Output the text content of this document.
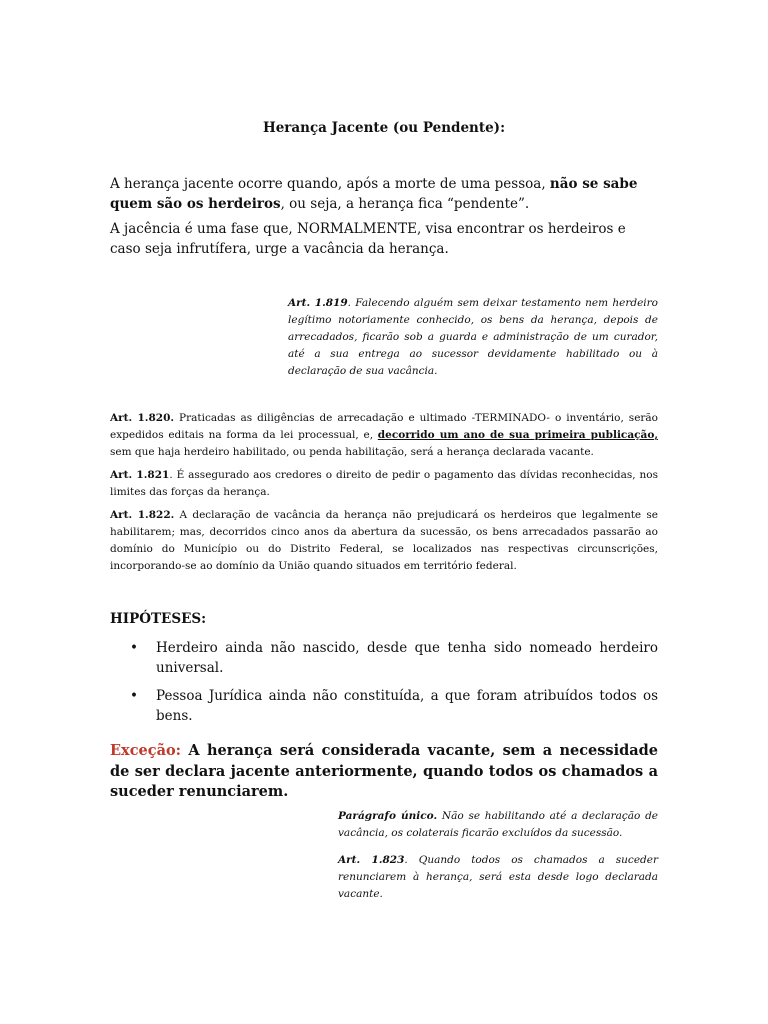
Herança Jacente (ou Pendente):

A herança jacente ocorre quando, após a morte de uma pessoa, não se sabe quem são os herdeiros, ou seja, a herança fica “pendente”.

A jacência é uma fase que, NORMALMENTE, visa encontrar os herdeiros e caso seja infrutífera, urge a vacância da herança.

Art. 1.819. Falecendo alguém sem deixar testamento nem herdeiro legítimo notoriamente conhecido, os bens da herança, depois de arrecadados, ficarão sob a guarda e administração de um curador, até a sua entrega ao sucessor devidamente habilitado ou à declaração de sua vacância.

Art. 1.820. Praticadas as diligências de arrecadação e ultimado -TERMINADO- o inventário, serão expedidos editais na forma da lei processual, e, decorrido um ano de sua primeira publicação, sem que haja herdeiro habilitado, ou penda habilitação, será a herança declarada vacante.

Art. 1.821. É assegurado aos credores o direito de pedir o pagamento das dívidas reconhecidas, nos limites das forças da herança.

Art. 1.822. A declaração de vacância da herança não prejudicará os herdeiros que legalmente se habilitarem; mas, decorridos cinco anos da abertura da sucessão, os bens arrecadados passarão ao domínio do Município ou do Distrito Federal, se localizados nas respectivas circunscrições, incorporando-se ao domínio da União quando situados em território federal.

HIPÓTESES:
• Herdeiro ainda não nascido, desde que tenha sido nomeado herdeiro universal.
• Pessoa Jurídica ainda não constituída, a que foram atribuídos todos os bens.
Exceção: A herança será considerada vacante, sem a necessidade de ser declara jacente anteriormente, quando todos os chamados a suceder renunciarem.
Parágrafo único. Não se habilitando até a declaração de vacância, os colaterais ficarão excluídos da sucessão.
Art. 1.823. Quando todos os chamados a suceder renunciarem à herança, será esta desde logo declarada vacante.
